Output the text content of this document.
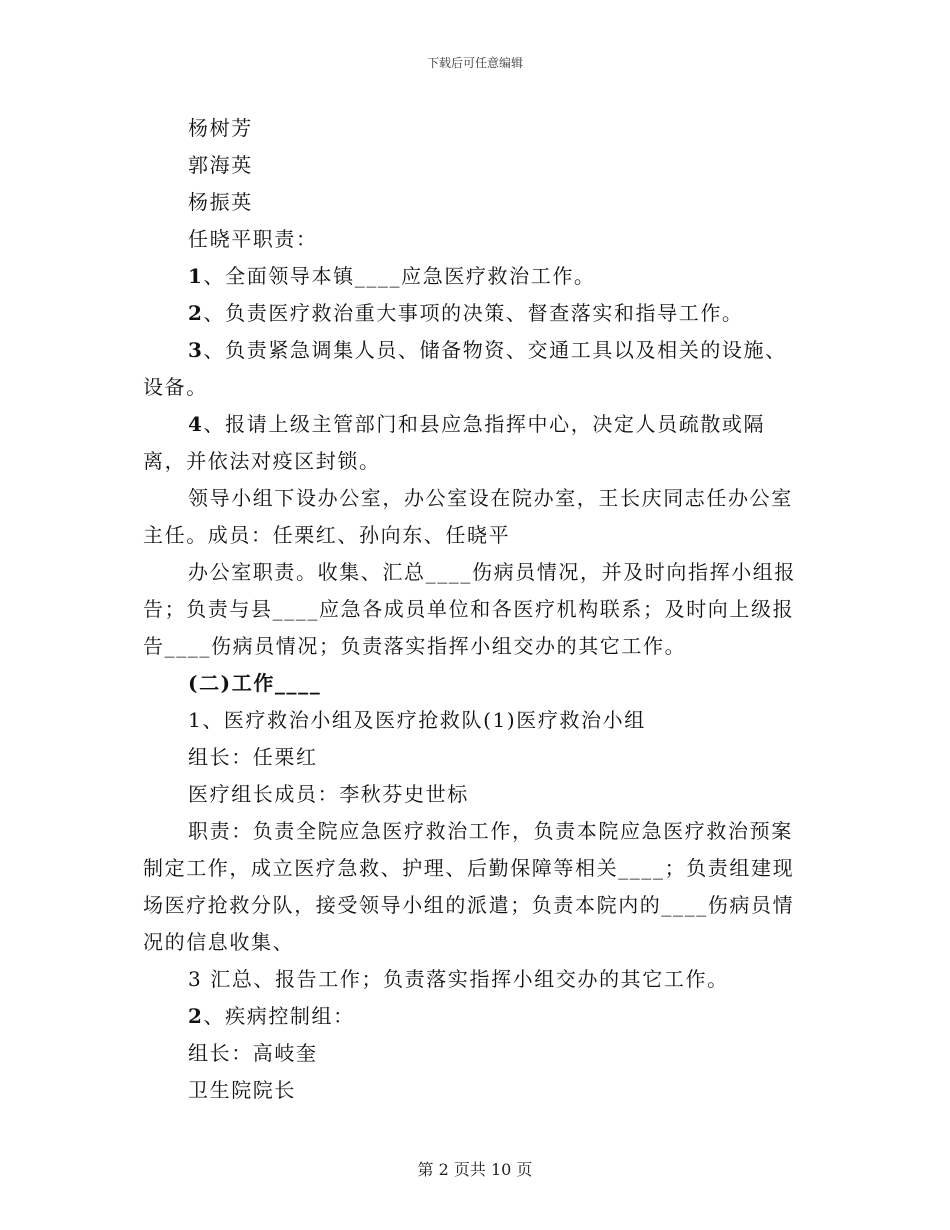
下载后可任意编辑

杨树芳

郭海英

杨振英

任晓平职责：

1、全面领导本镇____应急医疗救治工作。

2、负责医疗救治重大事项的决策、督查落实和指导工作。

3、负责紧急调集人员、储备物资、交通工具以及相关的设施、设备。

4、报请上级主管部门和县应急指挥中心，决定人员疏散或隔离，并依法对疫区封锁。

领导小组下设办公室，办公室设在院办室，王长庆同志任办公室主任。成员：任栗红、孙向东、任晓平

办公室职责。收集、汇总____伤病员情况，并及时向指挥小组报告；负责与县____应急各成员单位和各医疗机构联系；及时向上级报告____伤病员情况；负责落实指挥小组交办的其它工作。

(二)工作____

1、医疗救治小组及医疗抢救队(1)医疗救治小组

组长：任栗红

医疗组长成员：李秋芬史世标

职责：负责全院应急医疗救治工作，负责本院应急医疗救治预案制定工作，成立医疗急救、护理、后勤保障等相关____；负责组建现场医疗抢救分队，接受领导小组的派遣；负责本院内的____伤病员情况的信息收集、

3 汇总、报告工作；负责落实指挥小组交办的其它工作。

2、疾病控制组：

组长：高岐奎

卫生院院长

第 2 页共 10 页
